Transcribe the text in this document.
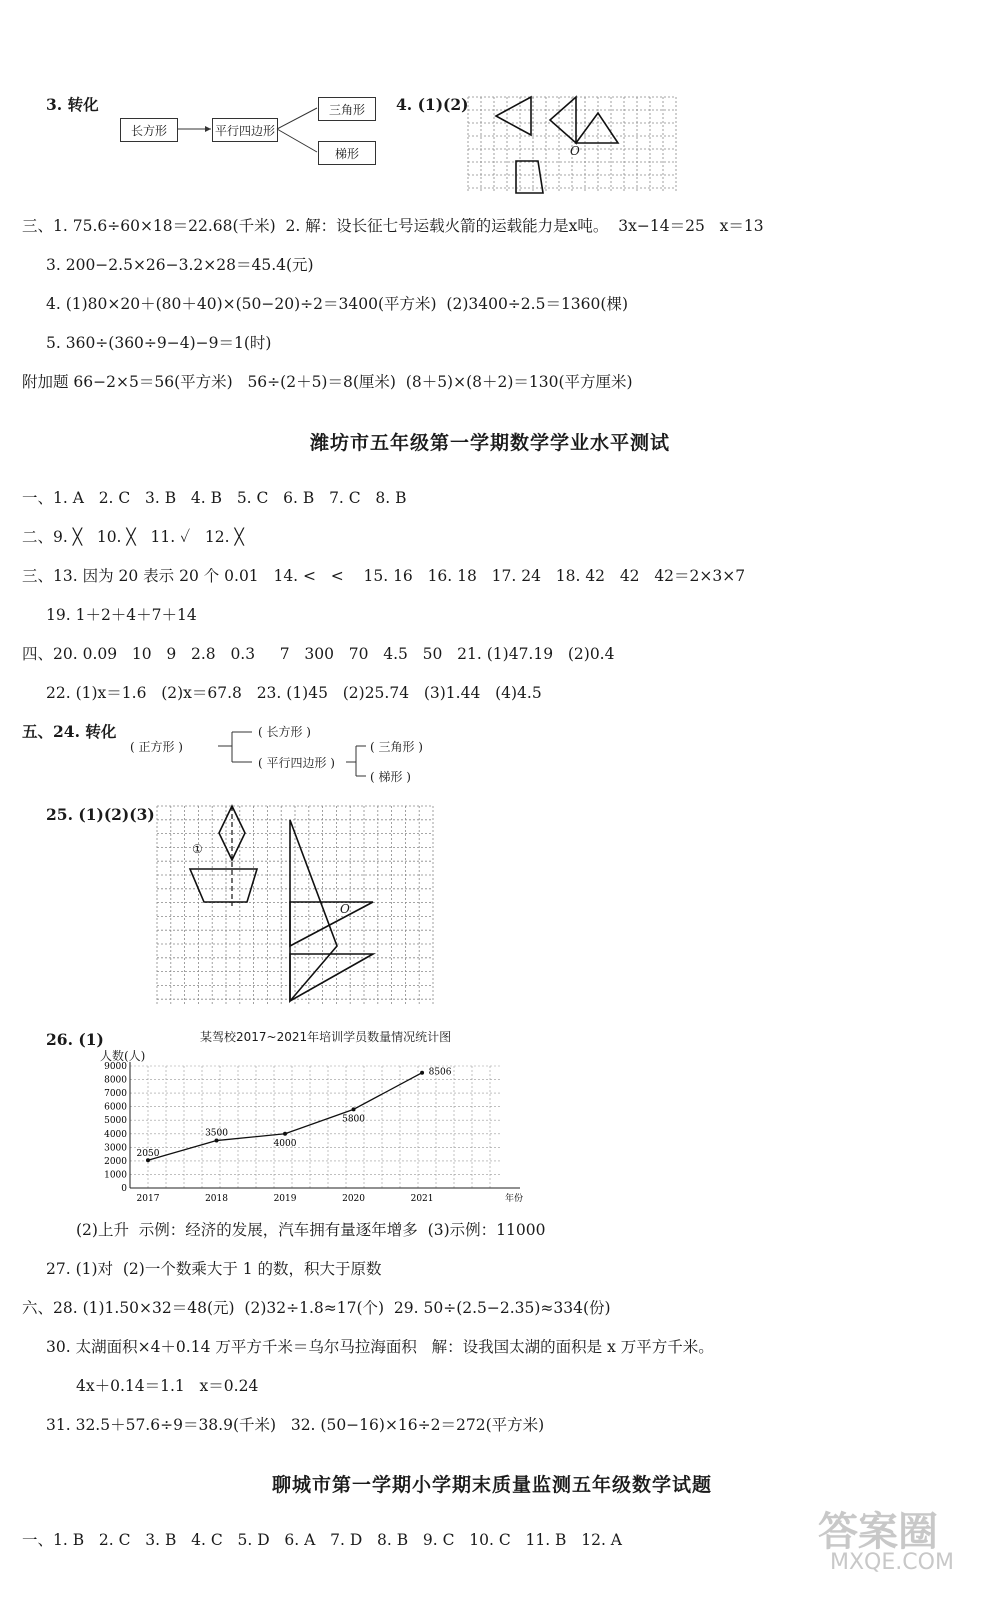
3. 转化
长方形	平行四边形
三角形
梯形
4. (1)(2)
O
三、1. 75.6÷60×18＝22.68(千米)  2. 解：设长征七号运载火箭的运载能力是x吨。  3x−14＝25   x＝13
3. 200−2.5×26−3.2×28＝45.4(元)
4. (1)80×20＋(80＋40)×(50−20)÷2＝3400(平方米)  (2)3400÷2.5＝1360(棵)
5. 360÷(360÷9−4)−9＝1(时)
附加题 66−2×5＝56(平方米)   56÷(2＋5)＝8(厘米)  (8＋5)×(8＋2)＝130(平方厘米)
潍坊市五年级第一学期数学学业水平测试
一、1. A   2. C   3. B   4. B   5. C   6. B   7. C   8. B
二、9. ╳   10. ╳   11. ✓   12. ╳
三、13. 因为 20 表示 20 个 0.01   14. <   <    15. 16   16. 18   17. 24   18. 42   42   42＝2×3×7
19. 1＋2＋4＋7＋14
四、20. 0.09   10   9   2.8   0.3     7   300   70   4.5   50   21. (1)47.19   (2)0.4
22. (1)x＝1.6   (2)x＝67.8   23. (1)45   (2)25.74   (3)1.44   (4)4.5
五、24. 转化
( 正方形 )
( 长方形 )
( 平行四边形 )
( 三角形 )
( 梯形 )
25. (1)(2)(3)
①
O
26. (1)	某驾校2017~2021年培训学员数量情况统计图
人数(人)
0
1000
2000
3000
4000
5000
6000
7000
8000
9000
2017	2018	2019	2020	2021	年份
2050
3500
4000
5800
8506
(2)上升  示例：经济的发展，汽车拥有量逐年增多  (3)示例：11000
27. (1)对  (2)一个数乘大于 1 的数，积大于原数
六、28. (1)1.50×32＝48(元)  (2)32÷1.8≈17(个)  29. 50÷(2.5−2.35)≈334(份)
30. 太湖面积×4＋0.14 万平方千米＝乌尔马拉海面积   解：设我国太湖的面积是 x 万平方千米。
4x＋0.14＝1.1   x＝0.24
31. 32.5＋57.6÷9＝38.9(千米)   32. (50−16)×16÷2＝272(平方米)
聊城市第一学期小学期末质量监测五年级数学试题
一、1. B   2. C   3. B   4. C   5. D   6. A   7. D   8. B   9. C   10. C   11. B   12. A	答案圈
MXQE.COM
